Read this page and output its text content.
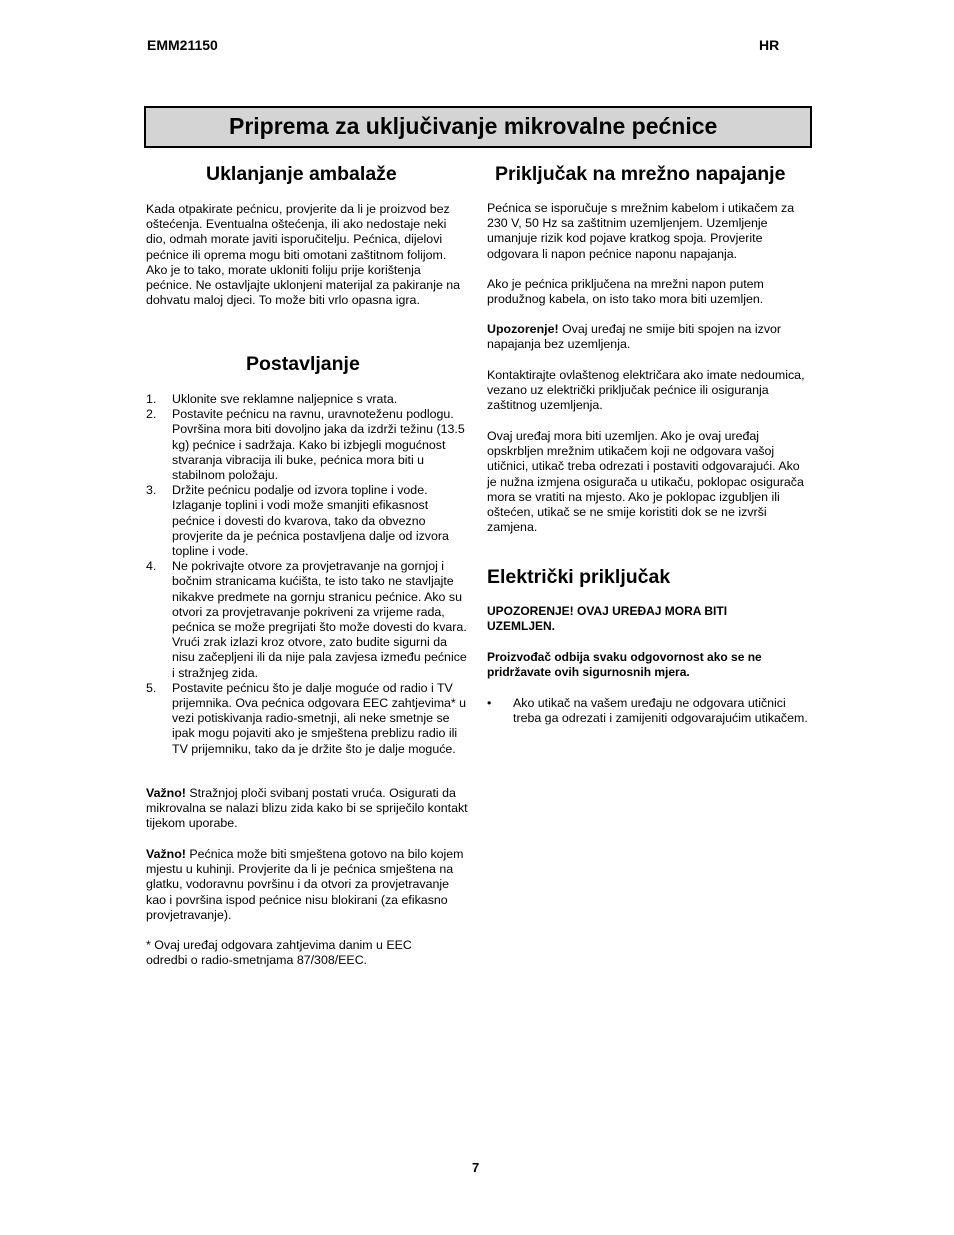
EMM21150	HR
Priprema za uključivanje mikrovalne pećnice
Uklanjanje ambalaže

Kada otpakirate pećnicu, provjerite da li je proizvod bez oštećenja. Eventualna oštećenja, ili ako nedostaje neki dio, odmah morate javiti isporučitelju. Pećnica, dijelovi pećnice ili oprema mogu biti omotani zaštitnom folijom. Ako je to tako, morate ukloniti foliju prije korištenja pećnice. Ne ostavljajte uklonjeni materijal za pakiranje na dohvatu maloj djeci. To može biti vrlo opasna igra.

Postavljanje
1. Uklonite sve reklamne naljepnice s vrata.
2. Postavite pećnicu na ravnu, uravnoteženu podlogu. Površina mora biti dovoljno jaka da izdrži težinu (13.5 kg) pećnice i sadržaja. Kako bi izbjegli mogućnost stvaranja vibracija ili buke, pećnica mora biti u stabilnom položaju.
3. Držite pećnicu podalje od izvora topline i vode. Izlaganje toplini i vodi može smanjiti efikasnost pećnice i dovesti do kvarova, tako da obvezno provjerite da je pećnica postavljena dalje od izvora topline i vode.
4. Ne pokrivajte otvore za provjetravanje na gornjoj i bočnim stranicama kućišta, te isto tako ne stavljajte nikakve predmete na gornju stranicu pećnice. Ako su otvori za provjetravanje pokriveni za vrijeme rada, pećnica se može pregrijati što može dovesti do kvara. Vrući zrak izlazi kroz otvore, zato budite sigurni da nisu začepljeni ili da nije pala zavjesa između pećnice i stražnjeg zida.
5. Postavite pećnicu što je dalje moguće od radio i TV prijemnika. Ova pećnica odgovara EEC zahtjevima* u vezi potiskivanja radio-smetnji, ali neke smetnje se ipak mogu pojaviti ako je smještena preblizu radio ili TV prijemniku, tako da je držite što je dalje moguće.

Važno! Stražnjoj ploči svibanj postati vruća. Osigurati da mikrovalna se nalazi blizu zida kako bi se spriječilo kontakt tijekom uporabe.

Važno! Pećnica može biti smještena gotovo na bilo kojem mjestu u kuhinji. Provjerite da li je pećnica smještena na glatku, vodoravnu površinu i da otvori za provjetravanje kao i površina ispod pećnice nisu blokirani (za efikasno provjetravanje).

* Ovaj uređaj odgovara zahtjevima danim u EEC odredbi o radio-smetnjama 87/308/EEC.

Priključak na mrežno napajanje

Pećnica se isporučuje s mrežnim kabelom i utikačem za 230 V, 50 Hz sa zaštitnim uzemljenjem. Uzemljenje umanjuje rizik kod pojave kratkog spoja. Provjerite odgovara li napon pećnice naponu napajanja.

Ako je pećnica priključena na mrežni napon putem produžnog kabela, on isto tako mora biti uzemljen.

Upozorenje! Ovaj uređaj ne smije biti spojen na izvor napajanja bez uzemljenja.

Kontaktirajte ovlaštenog električara ako imate nedoumica, vezano uz električki priključak pećnice ili osiguranja zaštitnog uzemljenja.

Ovaj uređaj mora biti uzemljen. Ako je ovaj uređaj opskrbljen mrežnim utikačem koji ne odgovara vašoj utičnici, utikač treba odrezati i postaviti odgovarajući. Ako je nužna izmjena osigurača u utikaču, poklopac osigurača mora se vratiti na mjesto. Ako je poklopac izgubljen ili oštećen, utikač se ne smije koristiti dok se ne izvrši zamjena.

Električki priključak

UPOZORENJE! OVAJ UREĐAJ MORA BITI UZEMLJEN.

Proizvođač odbija svaku odgovornost ako se ne pridržavate ovih sigurnosnih mjera.

• Ako utikač na vašem uređaju ne odgovara utičnici treba ga odrezati i zamijeniti odgovarajućim utikačem.
7
